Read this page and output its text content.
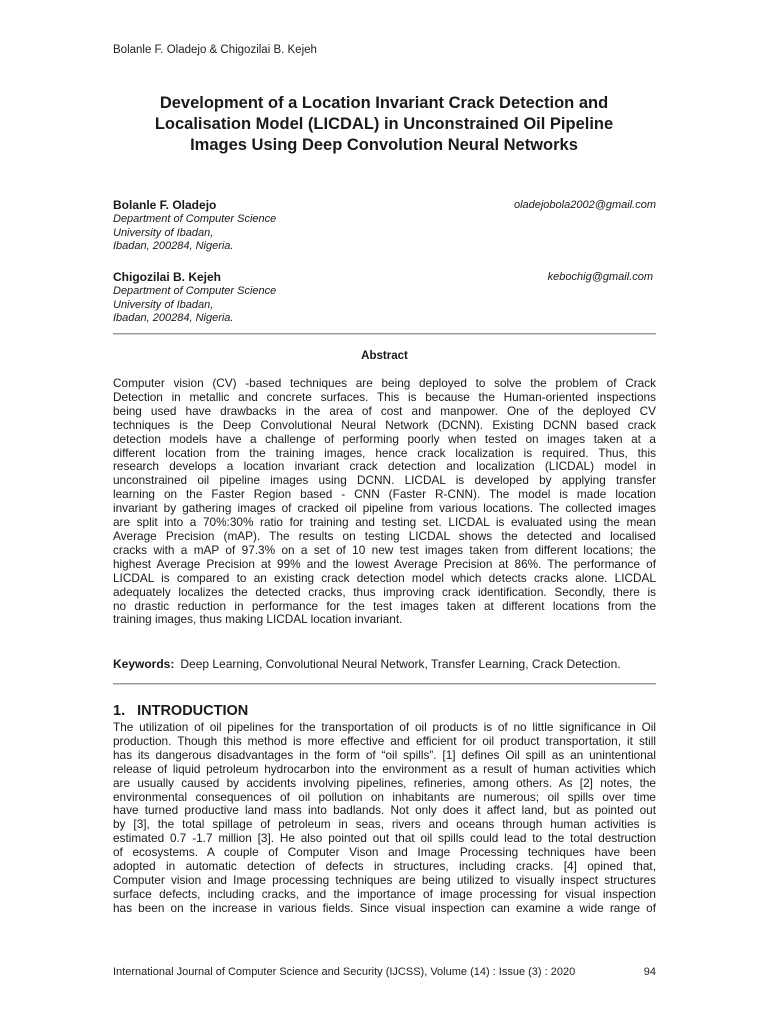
Bolanle F. Oladejo & Chigozilai B. Kejeh
Development of a Location Invariant Crack Detection and
Localisation Model (LICDAL) in Unconstrained Oil Pipeline
Images Using Deep Convolution Neural Networks
Bolanle F. Oladejo	oladejobola2002@gmail.com
Department of Computer Science
University of Ibadan,
Ibadan, 200284, Nigeria.
Chigozilai B. Kejeh	kebochig@gmail.com
Department of Computer Science
University of Ibadan,
Ibadan, 200284, Nigeria.
Abstract
Computer vision (CV) -based techniques are being deployed to solve the problem of Crack
Detection in metallic and concrete surfaces. This is because the Human-oriented inspections
being used have drawbacks in the area of cost and manpower. One of the deployed CV
techniques is the Deep Convolutional Neural Network (DCNN). Existing DCNN based crack
detection models have a challenge of performing poorly when tested on images taken at a
different location from the training images, hence crack localization is required. Thus, this
research develops a location invariant crack detection and localization (LICDAL) model in
unconstrained oil pipeline images using DCNN. LICDAL is developed by applying transfer
learning on the Faster Region based - CNN (Faster R-CNN). The model is made location
invariant by gathering images of cracked oil pipeline from various locations. The collected images
are split into a 70%:30% ratio for training and testing set. LICDAL is evaluated using the mean
Average Precision (mAP). The results on testing LICDAL shows the detected and localised
cracks with a mAP of 97.3% on a set of 10 new test images taken from different locations; the
highest Average Precision at 99% and the lowest Average Precision at 86%. The performance of
LICDAL is compared to an existing crack detection model which detects cracks alone. LICDAL
adequately localizes the detected cracks, thus improving crack identification. Secondly, there is
no drastic reduction in performance for the test images taken at different locations from the
training images, thus making LICDAL location invariant.
Keywords: Deep Learning, Convolutional Neural Network, Transfer Learning, Crack Detection.
1. INTRODUCTION
The utilization of oil pipelines for the transportation of oil products is of no little significance in Oil
production. Though this method is more effective and efficient for oil product transportation, it still
has its dangerous disadvantages in the form of “oil spills”. [1] defines Oil spill as an unintentional
release of liquid petroleum hydrocarbon into the environment as a result of human activities which
are usually caused by accidents involving pipelines, refineries, among others. As [2] notes, the
environmental consequences of oil pollution on inhabitants are numerous; oil spills over time
have turned productive land mass into badlands. Not only does it affect land, but as pointed out
by [3], the total spillage of petroleum in seas, rivers and oceans through human activities is
estimated 0.7 -1.7 million [3]. He also pointed out that oil spills could lead to the total destruction
of ecosystems. A couple of Computer Vison and Image Processing techniques have been
adopted in automatic detection of defects in structures, including cracks. [4] opined that,
Computer vision and Image processing techniques are being utilized to visually inspect structures
surface defects, including cracks, and the importance of image processing for visual inspection
has been on the increase in various fields. Since visual inspection can examine a wide range of
International Journal of Computer Science and Security (IJCSS), Volume (14) : Issue (3) : 2020	94
